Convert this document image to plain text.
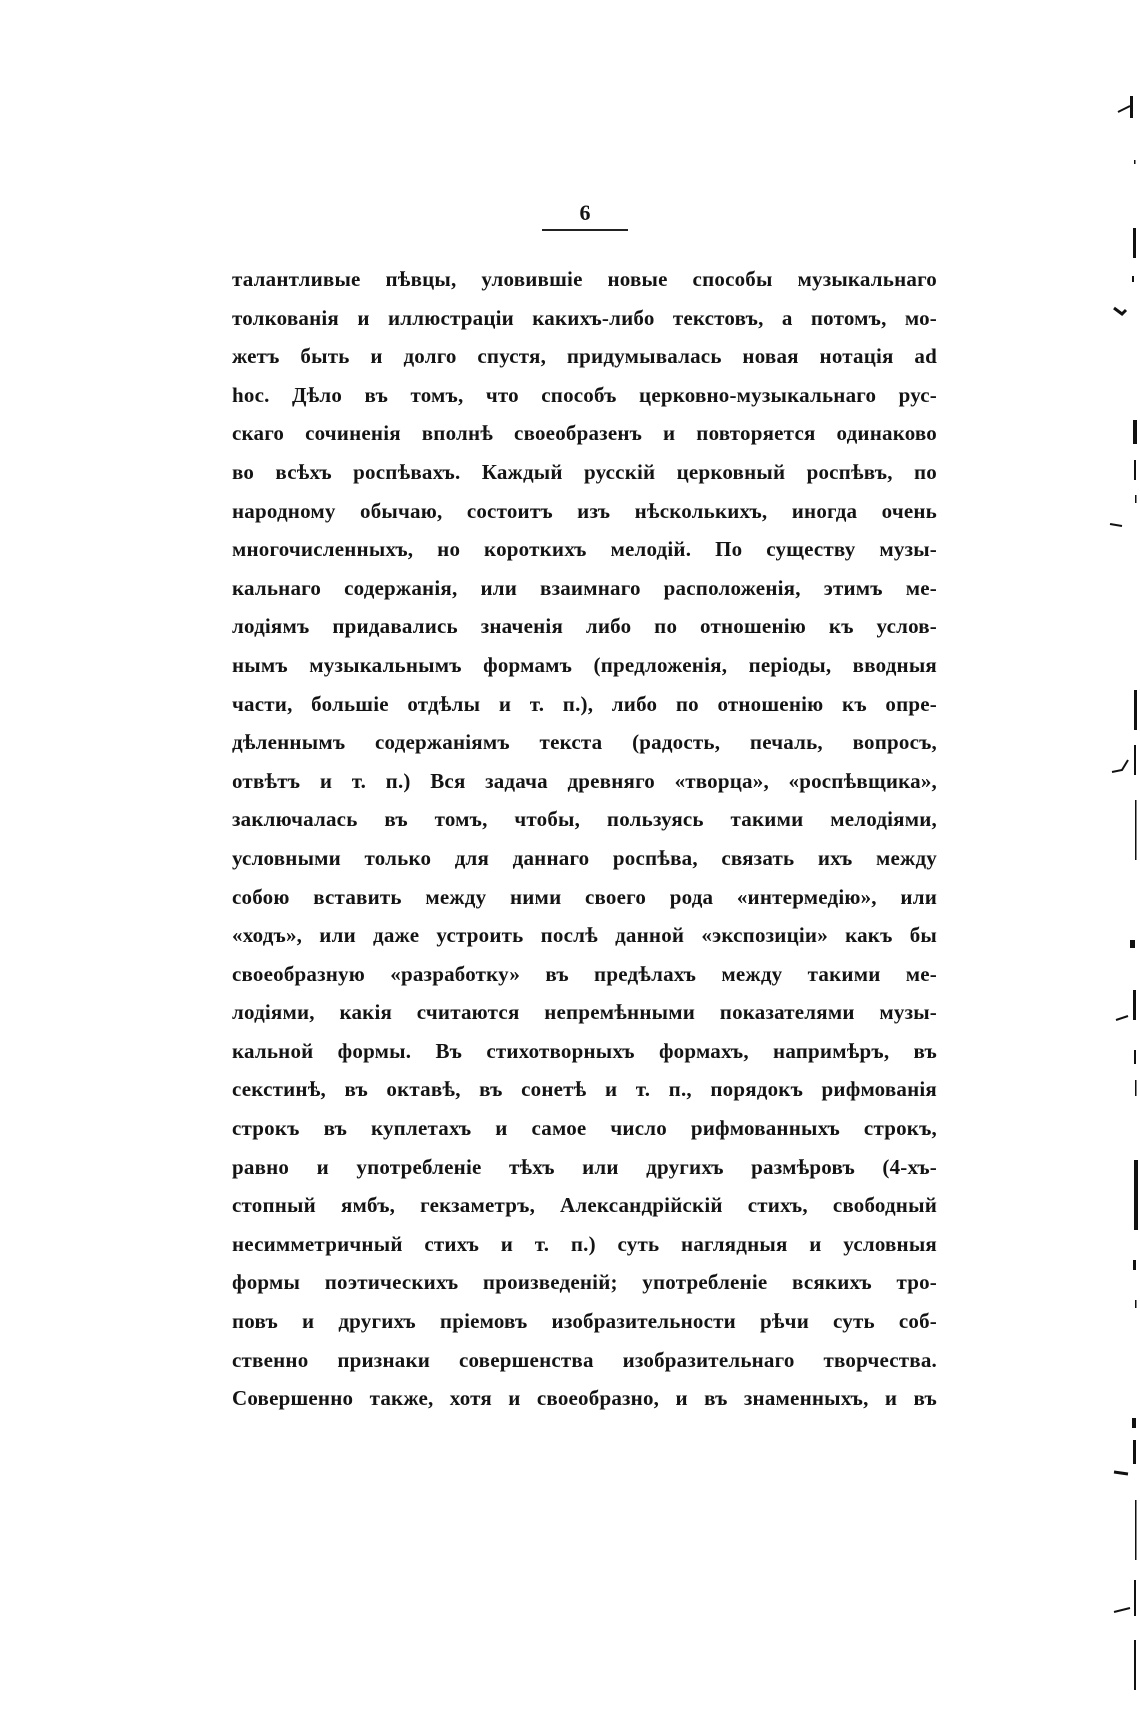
6
талантливые пѣвцы, уловившіе новые способы музыкальнаго
толкованія и иллюстраціи какихъ-либо текстовъ, а потомъ, мо-
жетъ быть и долго спустя, придумывалась новая нотація ad
hoc. Дѣло въ томъ, что способъ церковно-музыкальнаго рус-
скаго сочиненія вполнѣ своеобразенъ и повторяется одинаково
во всѣхъ роспѣвахъ. Каждый русскій церковный роспѣвъ, по
народному обычаю, состоитъ изъ нѣсколькихъ, иногда очень
многочисленныхъ, но короткихъ мелодій. По существу музы-
кальнаго содержанія, или взаимнаго расположенія, этимъ ме-
лодіямъ придавались значенія либо по отношенію къ услов-
нымъ музыкальнымъ формамъ (предложенія, періоды, вводныя
части, большіе отдѣлы и т. п.), либо по отношенію къ опре-
дѣленнымъ содержаніямъ текста (радость, печаль, вопросъ,
отвѣтъ и т. п.) Вся задача древняго «творца», «роспѣвщика»,
заключалась въ томъ, чтобы, пользуясь такими мелодіями,
условными только для даннаго роспѣва, связать ихъ между
собою вставить между ними своего рода «интермедію», или
«ходъ», или даже устроить послѣ данной «экспозиціи» какъ бы
своеобразную «разработку» въ предѣлахъ между такими ме-
лодіями, какія считаются непремѣнными показателями музы-
кальной формы. Въ стихотворныхъ формахъ, напримѣръ, въ
секстинѣ, въ октавѣ, въ сонетѣ и т. п., порядокъ рифмованія
строкъ въ куплетахъ и самое число рифмованныхъ строкъ,
равно и употребленіе тѣхъ или другихъ размѣровъ (4-хъ-
стопный ямбъ, гекзаметръ, Александрійскій стихъ, свободный
несимметричный стихъ и т. п.) суть наглядныя и условныя
формы поэтическихъ произведеній; употребленіе всякихъ тро-
повъ и другихъ пріемовъ изобразительности рѣчи суть соб-
ственно признаки совершенства изобразительнаго творчества.
Совершенно также, хотя и своеобразно, и въ знаменныхъ, и въ
